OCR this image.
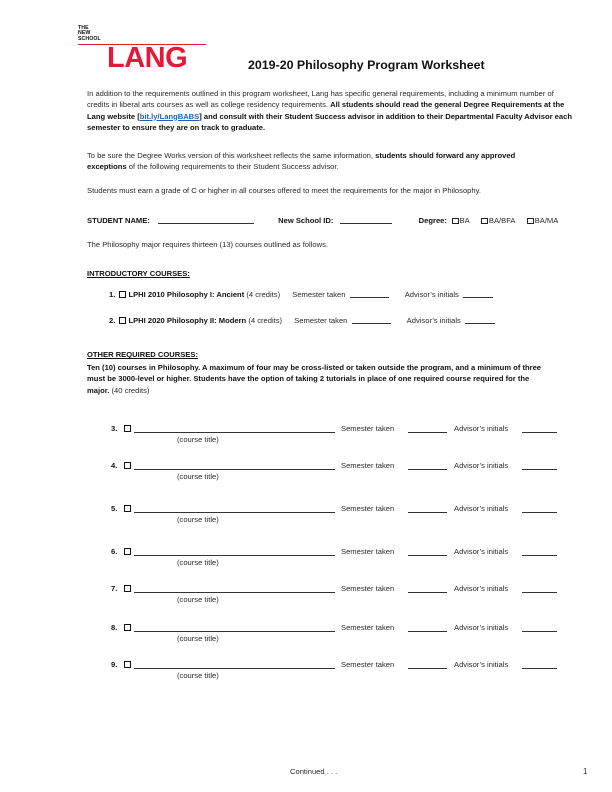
THE
NEW
SCHOOL
LANG	2019-20 Philosophy Program Worksheet
In addition to the requirements outlined in this program worksheet, Lang has specific general requirements, including a minimum number of credits in liberal arts courses as well as college residency requirements. All students should read the general Degree Requirements at the Lang website [bit.ly/LangBABS] and consult with their Student Success advisor in addition to their Departmental Faculty Advisor each semester to ensure they are on track to graduate.
To be sure the Degree Works version of this worksheet reflects the same information, students should forward any approved exceptions of the following requirements to their Student Success advisor.
Students must earn a grade of C or higher in all courses offered to meet the requirements for the major in Philosophy.
STUDENT NAME:	New School ID:	Degree: BA	BA/BFA	BA/MA
The Philosophy major requires thirteen (13) courses outlined as follows.
INTRODUCTORY COURSES:
1. LPHI 2010 Philosophy I: Ancient (4 credits) Semester taken	Advisor’s initials
2. LPHI 2020 Philosophy II: Modern (4 credits) Semester taken	Advisor’s initials
OTHER REQUIRED COURSES:
Ten (10) courses in Philosophy. A maximum of four may be cross-listed or taken outside the program, and a minimum of three must be 3000-level or higher. Students have the option of taking 2 tutorials in place of one required course required for the major. (40 credits)
3.	Semester taken	Advisor’s initials
(course title)
4.	Semester taken	Advisor’s initials
(course title)
5.	Semester taken	Advisor’s initials
(course title)
6.	Semester taken	Advisor’s initials
(course title)
7.	Semester taken	Advisor’s initials
(course title)
8.	Semester taken	Advisor’s initials
(course title)
9.	Semester taken	Advisor’s initials
(course title)
Continued . . .	1
